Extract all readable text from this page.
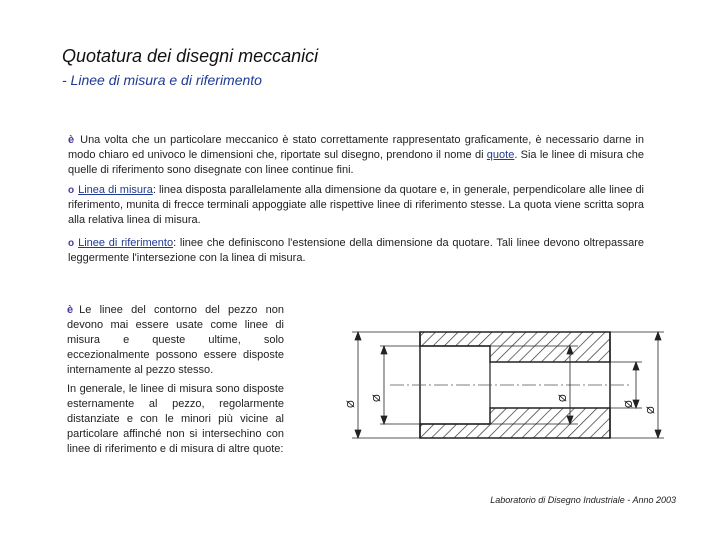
Quotatura dei disegni meccanici
- Linee di misura e di riferimento
è Una volta che un particolare meccanico è stato correttamente rappresentato graficamente, è necessario darne in modo chiaro ed univoco le dimensioni che, riportate sul disegno, prendono il nome di quote. Sia le linee di misura che quelle di riferimento sono disegnate con linee continue fini.
o Linea di misura: linea disposta parallelamente alla dimensione da quotare e, in generale, perpendicolare alle linee di riferimento, munita di frecce terminali appoggiate alle rispettive linee di riferimento stesse. La quota viene scritta sopra alla relativa linea di misura.
o Linee di riferimento: linee che definiscono l'estensione della dimensione da quotare. Tali linee devono oltrepassare leggermente l'intersezione con la linea di misura.
è Le linee del contorno del pezzo non devono mai essere usate come linee di misura e queste ultime, solo eccezionalmente possono essere disposte internamente al pezzo stesso.
In generale, le linee di misura sono disposte esternamente al pezzo, regolarmente distanziate e con le minori più vicine al particolare affinché non si intersechino con linee di riferimento e di misura di altre quote:
Ø
Ø	Ø
Ø
Ø
Laboratorio di Disegno Industriale - Anno 2003
